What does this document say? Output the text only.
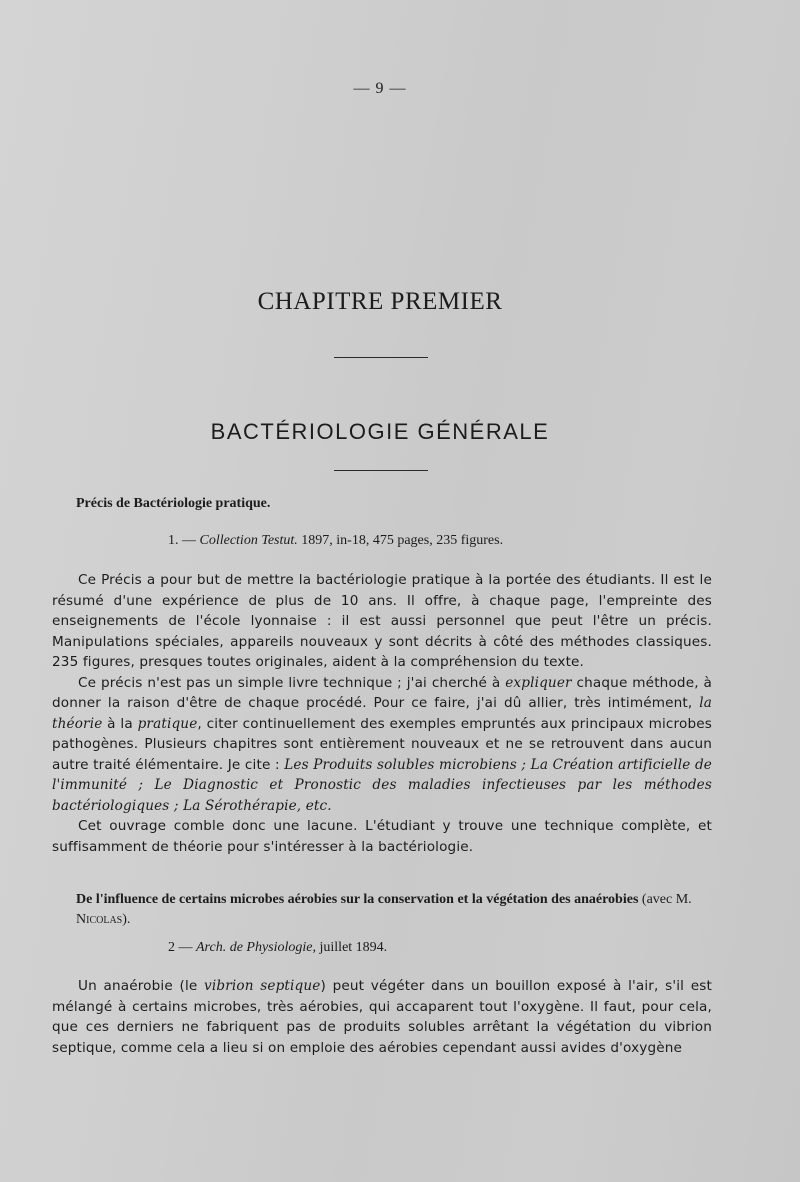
— 9 —
CHAPITRE PREMIER
BACTÉRIOLOGIE GÉNÉRALE
Précis de Bactériologie pratique.
1. — Collection Testut. 1897, in-18, 475 pages, 235 figures.

Ce Précis a pour but de mettre la bactériologie pratique à la portée des étudiants. Il est le résumé d'une expérience de plus de 10 ans. Il offre, à chaque page, l'empreinte des enseignements de l'école lyonnaise : il est aussi personnel que peut l'être un précis. Manipulations spéciales, appareils nouveaux y sont décrits à côté des méthodes classiques. 235 figures, presques toutes originales, aident à la compréhension du texte.

Ce précis n'est pas un simple livre technique ; j'ai cherché à expliquer chaque méthode, à donner la raison d'être de chaque procédé. Pour ce faire, j'ai dû allier, très intimément, la théorie à la pratique, citer continuellement des exemples empruntés aux principaux microbes pathogènes. Plusieurs chapitres sont entièrement nouveaux et ne se retrouvent dans aucun autre traité élémentaire. Je cite : Les Produits solubles microbiens ; La Création artificielle de l'immunité ; Le Diagnostic et Pronostic des maladies infectieuses par les méthodes bactériologiques ; La Sérothérapie, etc.

Cet ouvrage comble donc une lacune. L'étudiant y trouve une technique complète, et suffisamment de théorie pour s'intéresser à la bactériologie.

De l'influence de certains microbes aérobies sur la conservation et la végétation des anaérobies (avec M. Nicolas).
2 — Arch. de Physiologie, juillet 1894.

Un anaérobie (le vibrion septique) peut végéter dans un bouillon exposé à l'air, s'il est mélangé à certains microbes, très aérobies, qui accaparent tout l'oxygène. Il faut, pour cela, que ces derniers ne fabriquent pas de produits solubles arrêtant la végétation du vibrion septique, comme cela a lieu si on emploie des aérobies cependant aussi avides d'oxygène
